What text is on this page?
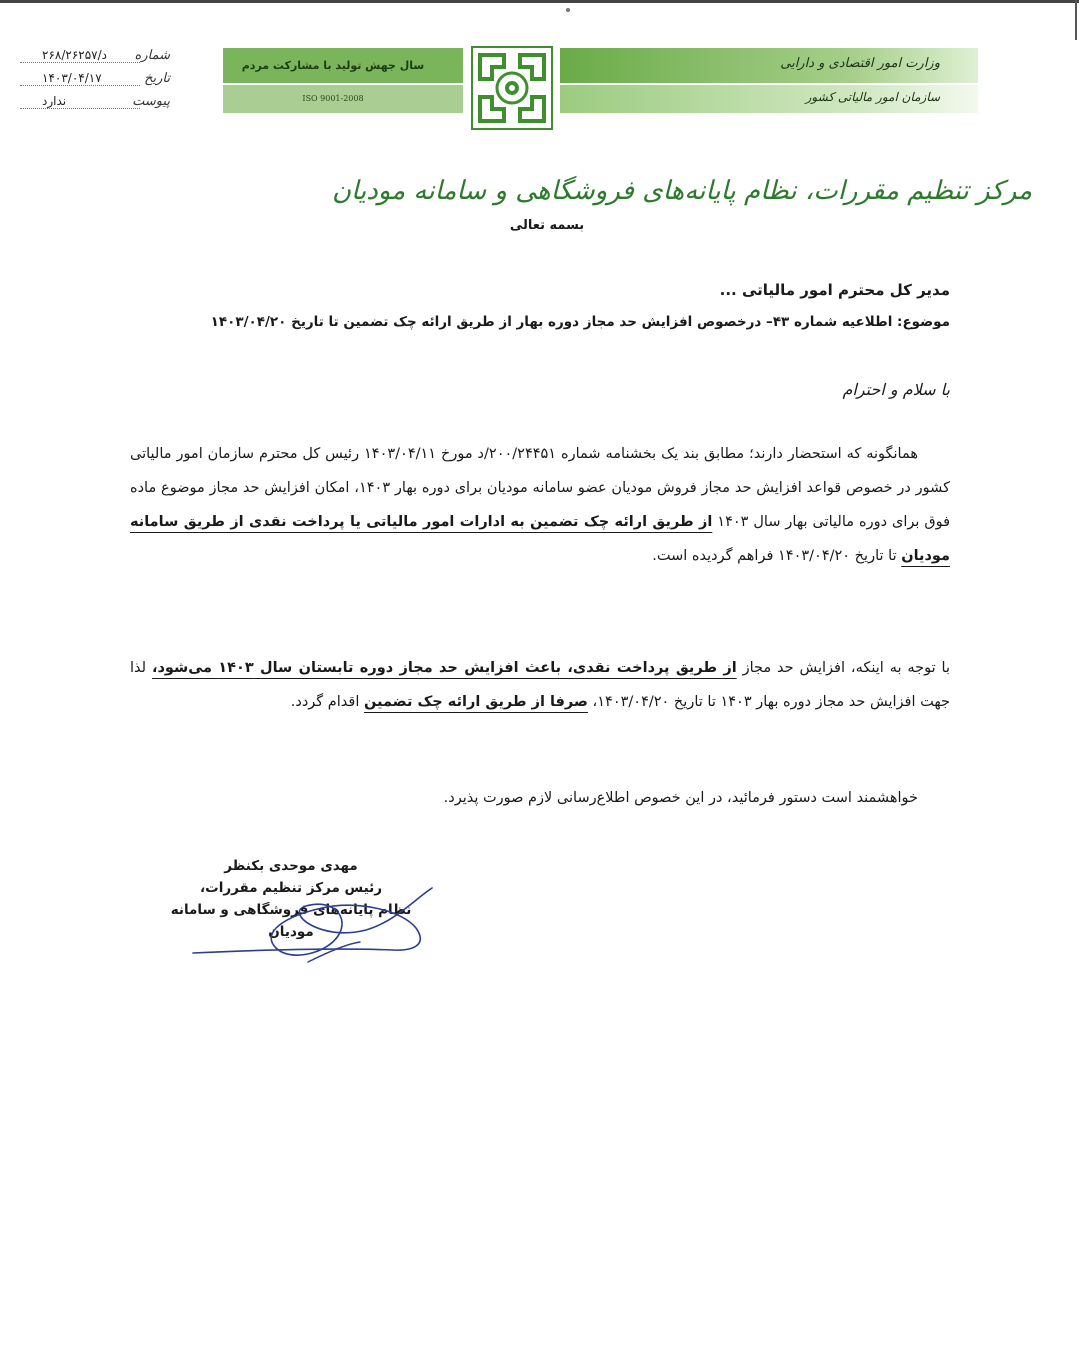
شماره
د/۲۶۸/۲۶۲۵۷
تاریخ
۱۴۰۳/۰۴/۱۷
پیوست
ندارد
سال جهش تولید با مشارکت مردم
ISO 9001-2008
وزارت امور اقتصادی و دارایی
سازمان امور مالیاتی کشور
مرکز تنظیم مقررات، نظام پایانه‌های فروشگاهی و سامانه مودیان
بسمه تعالی
مدیر کل محترم امور مالیاتی ...
موضوع: اطلاعیه شماره ۴۳– درخصوص افزایش حد مجاز دوره بهار از طریق ارائه چک تضمین تا تاریخ ۱۴۰۳/۰۴/۲۰
با سلام و احترام
همانگونه که استحضار دارند؛ مطابق بند یک بخشنامه شماره ۲۰۰/۲۴۴۵۱/د مورخ ۱۴۰۳/۰۴/۱۱ رئیس کل محترم سازمان امور مالیاتی کشور در خصوص قواعد افزایش حد مجاز فروش مودیان عضو سامانه مودیان برای دوره بهار ۱۴۰۳، امکان افزایش حد مجاز موضوع ماده فوق برای دوره مالیاتی بهار سال ۱۴۰۳ از طریق ارائه چک تضمین به ادارات امور مالیاتی یا پرداخت نقدی از طریق سامانه مودیان تا تاریخ ۱۴۰۳/۰۴/۲۰ فراهم گردیده است.
با توجه به اینکه، افزایش حد مجاز از طریق پرداخت نقدی، باعث افزایش حد مجاز دوره تابستان سال ۱۴۰۳ می‌شود، لذا جهت افزایش حد مجاز دوره بهار ۱۴۰۳ تا تاریخ ۱۴۰۳/۰۴/۲۰، صرفا از طریق ارائه چک تضمین اقدام گردد.
خواهشمند است دستور فرمائید، در این خصوص اطلاع‌رسانی لازم صورت پذیرد.
مهدی موحدی بکنظر
رئیس مرکز تنظیم مقررات،
نظام پایانه‌های فروشگاهی و سامانه مودیان
